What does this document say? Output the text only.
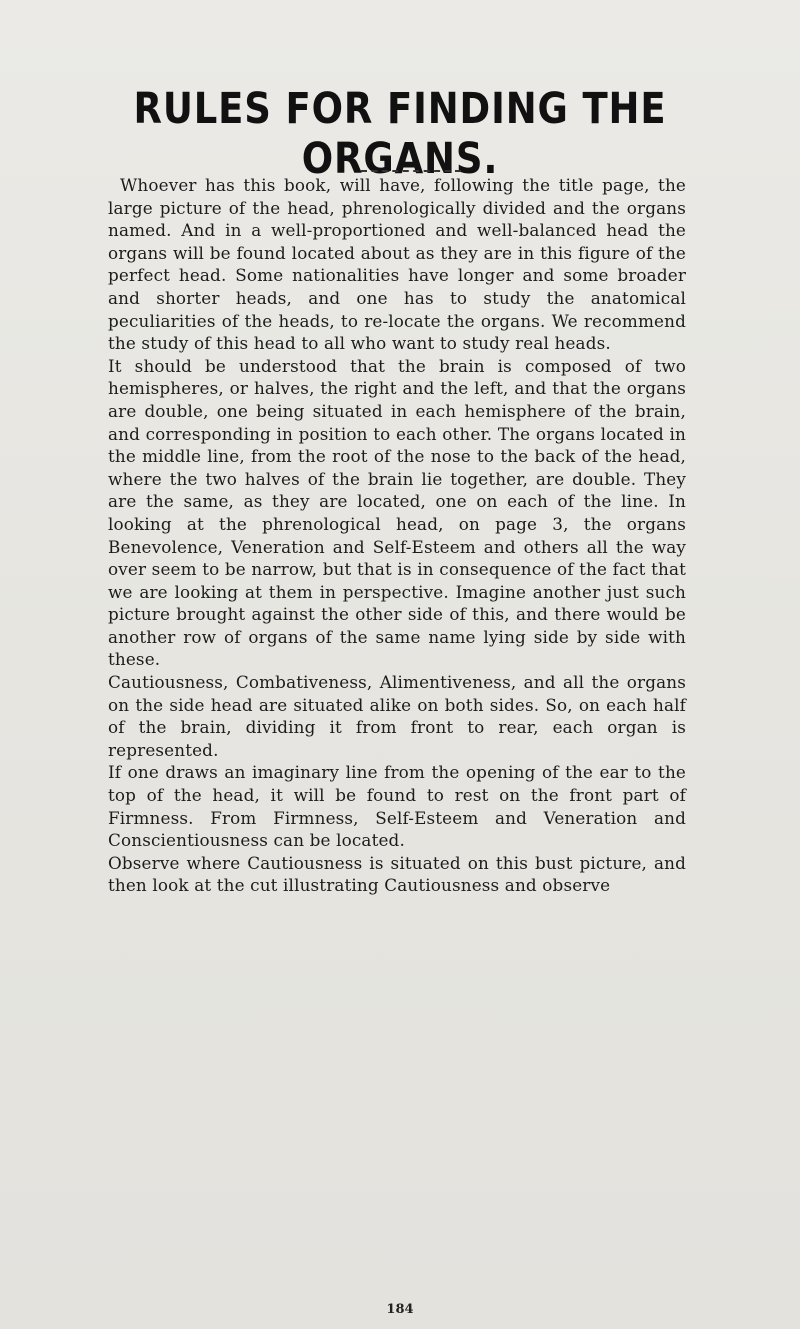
RULES FOR FINDING THE ORGANS.

Whoever has this book, will have, following the title page, the large picture of the head, phrenologically divided and the organs named. And in a well-proportioned and well-balanced head the organs will be found located about as they are in this figure of the perfect head. Some nationalities have longer and some broader and shorter heads, and one has to study the anatomical peculiarities of the heads, to re-locate the organs. We recommend the study of this head to all who want to study real heads.

It should be understood that the brain is composed of two hemispheres, or halves, the right and the left, and that the organs are double, one being situated in each hemisphere of the brain, and corresponding in position to each other. The organs located in the middle line, from the root of the nose to the back of the head, where the two halves of the brain lie together, are double. They are the same, as they are located, one on each of the line. In looking at the phrenological head, on page 3, the organs Benevolence, Veneration and Self-Esteem and others all the way over seem to be narrow, but that is in consequence of the fact that we are looking at them in perspective. Imagine another just such picture brought against the other side of this, and there would be another row of organs of the same name lying side by side with these.

Cautiousness, Combativeness, Alimentiveness, and all the organs on the side head are situated alike on both sides. So, on each half of the brain, dividing it from front to rear, each organ is represented.

If one draws an imaginary line from the opening of the ear to the top of the head, it will be found to rest on the front part of Firmness. From Firmness, Self-Esteem and Veneration and Conscientiousness can be located.

Observe where Cautiousness is situated on this bust picture, and then look at the cut illustrating Cautiousness and observe

184
